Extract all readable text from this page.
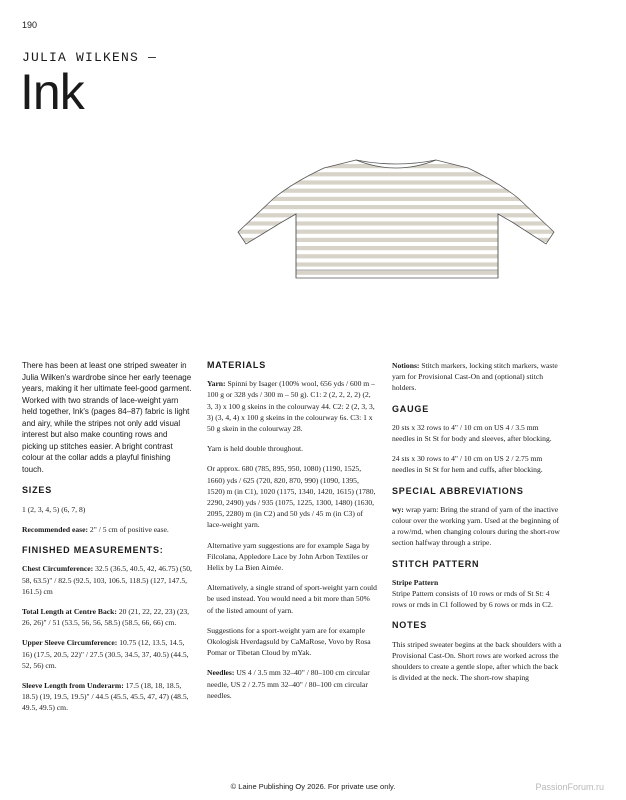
190
JULIA WILKENS —
Ink

There has been at least one striped sweater in Julia Wilken's wardrobe since her early teenage years, making it her ultimate feel-good garment. Worked with two strands of lace-weight yarn held together, Ink's (pages 84–87) fabric is light and airy, while the stripes not only add visual interest but also make counting rows and picking up stitches easier. A bright contrast colour at the collar adds a playful finishing touch.

SIZES

1 (2, 3, 4, 5) (6, 7, 8)

Recommended ease: 2" / 5 cm of positive ease.

FINISHED MEASUREMENTS:

Chest Circumference: 32.5 (36.5, 40.5, 42, 46.75) (50, 58, 63.5)" / 82.5 (92.5, 103, 106.5, 118.5) (127, 147.5, 161.5) cm

Total Length at Centre Back: 20 (21, 22, 22, 23) (23, 26, 26)" / 51 (53.5, 56, 56, 58.5) (58.5, 66, 66) cm.

Upper Sleeve Circumference: 10.75 (12, 13.5, 14.5, 16) (17.5, 20.5, 22)" / 27.5 (30.5, 34.5, 37, 40.5) (44.5, 52, 56) cm.

Sleeve Length from Underarm: 17.5 (18, 18, 18.5, 18.5) (19, 19.5, 19.5)" / 44.5 (45.5, 45.5, 47, 47) (48.5, 49.5, 49.5) cm.

MATERIALS

Yarn: Spinni by Isager (100% wool, 656 yds / 600 m – 100 g or 328 yds / 300 m – 50 g). C1: 2 (2, 2, 2, 2) (2, 3, 3) x 100 g skeins in the colourway 44. C2: 2 (2, 3, 3, 3) (3, 4, 4) x 100 g skeins in the colourway 6s. C3: 1 x 50 g skein in the colourway 28.

Yarn is held double throughout.

Or approx. 680 (785, 895, 950, 1080) (1190, 1525, 1660) yds / 625 (720, 820, 870, 990) (1090, 1395, 1520) m (in C1), 1020 (1175, 1340, 1420, 1615) (1780, 2290, 2490) yds / 935 (1075, 1225, 1300, 1480) (1630, 2095, 2280) m (in C2) and 50 yds / 45 m (in C3) of lace-weight yarn.

Alternative yarn suggestions are for example Saga by Filcolana, Appledore Lace by John Arbon Textiles or Helix by La Bien Aimée.

Alternatively, a single strand of sport-weight yarn could be used instead. You would need a bit more than 50% of the listed amount of yarn.

Suggestions for a sport-weight yarn are for example Okologisk Hverdagsuld by CaMaRose, Vovo by Rosa Pomar or Tibetan Cloud by mYak.

Needles: US 4 / 3.5 mm 32–40" / 80–100 cm circular needle, US 2 / 2.75 mm 32–40" / 80–100 cm circular needles.

Notions: Stitch markers, locking stitch markers, waste yarn for Provisional Cast-On and (optional) stitch holders.

GAUGE

20 sts x 32 rows to 4" / 10 cm on US 4 / 3.5 mm needles in St St for body and sleeves, after blocking.

24 sts x 30 rows to 4" / 10 cm on US 2 / 2.75 mm needles in St St for hem and cuffs, after blocking.

SPECIAL ABBREVIATIONS

wy: wrap yarn: Bring the strand of yarn of the inactive colour over the working yarn. Used at the beginning of a row/rnd, when changing colours during the short-row section halfway through a stripe.

STITCH PATTERN

Stripe Pattern
Stripe Pattern consists of 10 rows or rnds of St St: 4 rows or rnds in C1 followed by 6 rows or rnds in C2.

NOTES

This striped sweater begins at the back shoulders with a Provisional Cast-On. Short rows are worked across the shoulders to create a gentle slope, after which the back is divided at the neck. The short-row shaping

© Laine Publishing Oy 2026. For private use only.	PassionForum.ru
